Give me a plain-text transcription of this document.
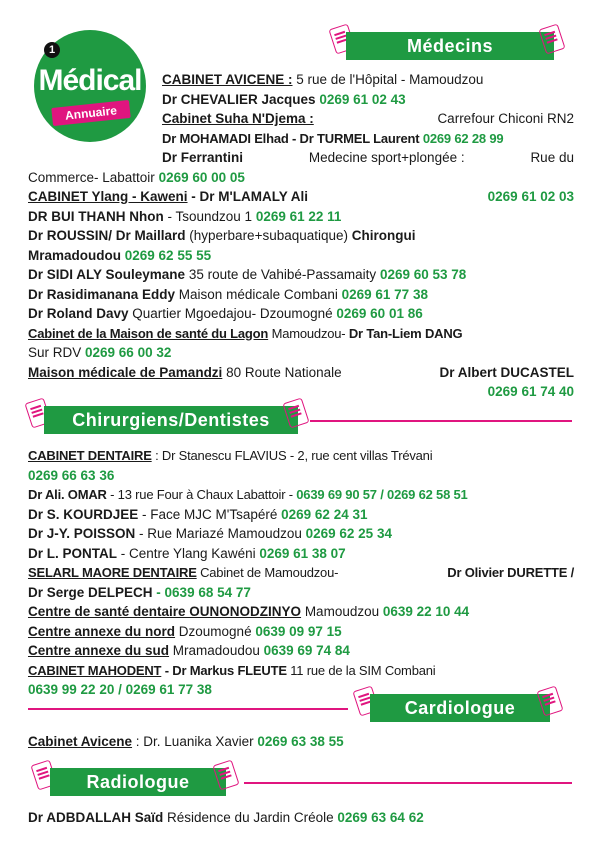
1
Médical
Annuaire
Médecins
CABINET AVICENE : 5 rue de l'Hôpital - Mamoudzou
Dr CHEVALIER Jacques 0269 61 02 43
Cabinet Suha N'Djema :	Carrefour Chiconi RN2
Dr MOHAMADI Elhad - Dr TURMEL Laurent 0269 62 28 99
Dr Ferrantini	Medecine sport+plongée :	Rue du
Commerce- Labattoir 0269 60 00 05
CABINET Ylang - Kaweni - Dr M'LAMALY Ali	0269 61 02 03
DR BUI THANH Nhon - Tsoundzou 1 0269 61 22 11
Dr ROUSSIN/ Dr Maillard (hyperbare+subaquatique) Chirongui
Mramadoudou 0269 62 55 55
Dr SIDI ALY Souleymane 35 route de Vahibé-Passamaity 0269 60 53 78
Dr Rasidimanana Eddy Maison médicale Combani 0269 61 77 38
Dr Roland Davy Quartier Mgoedajou- Dzoumogné 0269 60 01 86
Cabinet de la Maison de santé du Lagon Mamoudzou- Dr Tan-Liem DANG
Sur RDV 0269 66 00 32
Maison médicale de Pamandzi 80 Route Nationale	Dr Albert DUCASTEL
0269 61 74 40
Chirurgiens/Dentistes
CABINET DENTAIRE : Dr Stanescu FLAVIUS - 2, rue cent villas Trévani
0269 66 63 36
Dr Ali. OMAR - 13 rue Four à Chaux Labattoir - 0639 69 90 57 / 0269 62 58 51
Dr S. KOURDJEE - Face MJC M'Tsapéré 0269 62 24 31
Dr J-Y. POISSON - Rue Mariazé Mamoudzou 0269 62 25 34
Dr L. PONTAL - Centre Ylang Kawéni 0269 61 38 07
SELARL MAORE DENTAIRE Cabinet de Mamoudzou-	Dr Olivier DURETTE /
Dr Serge DELPECH - 0639 68 54 77
Centre de santé dentaire OUNONODZINYO Mamoudzou 0639 22 10 44
Centre annexe du nord Dzoumogné 0639 09 97 15
Centre annexe du sud Mramadoudou 0639 69 74 84
CABINET MAHODENT - Dr Markus FLEUTE 11 rue de la SIM Combani
0639 99 22 20 / 0269 61 77 38
Cardiologue
Cabinet Avicene : Dr. Luanika Xavier 0269 63 38 55
Radiologue
Dr ADBDALLAH Saïd Résidence du Jardin Créole 0269 63 64 62
